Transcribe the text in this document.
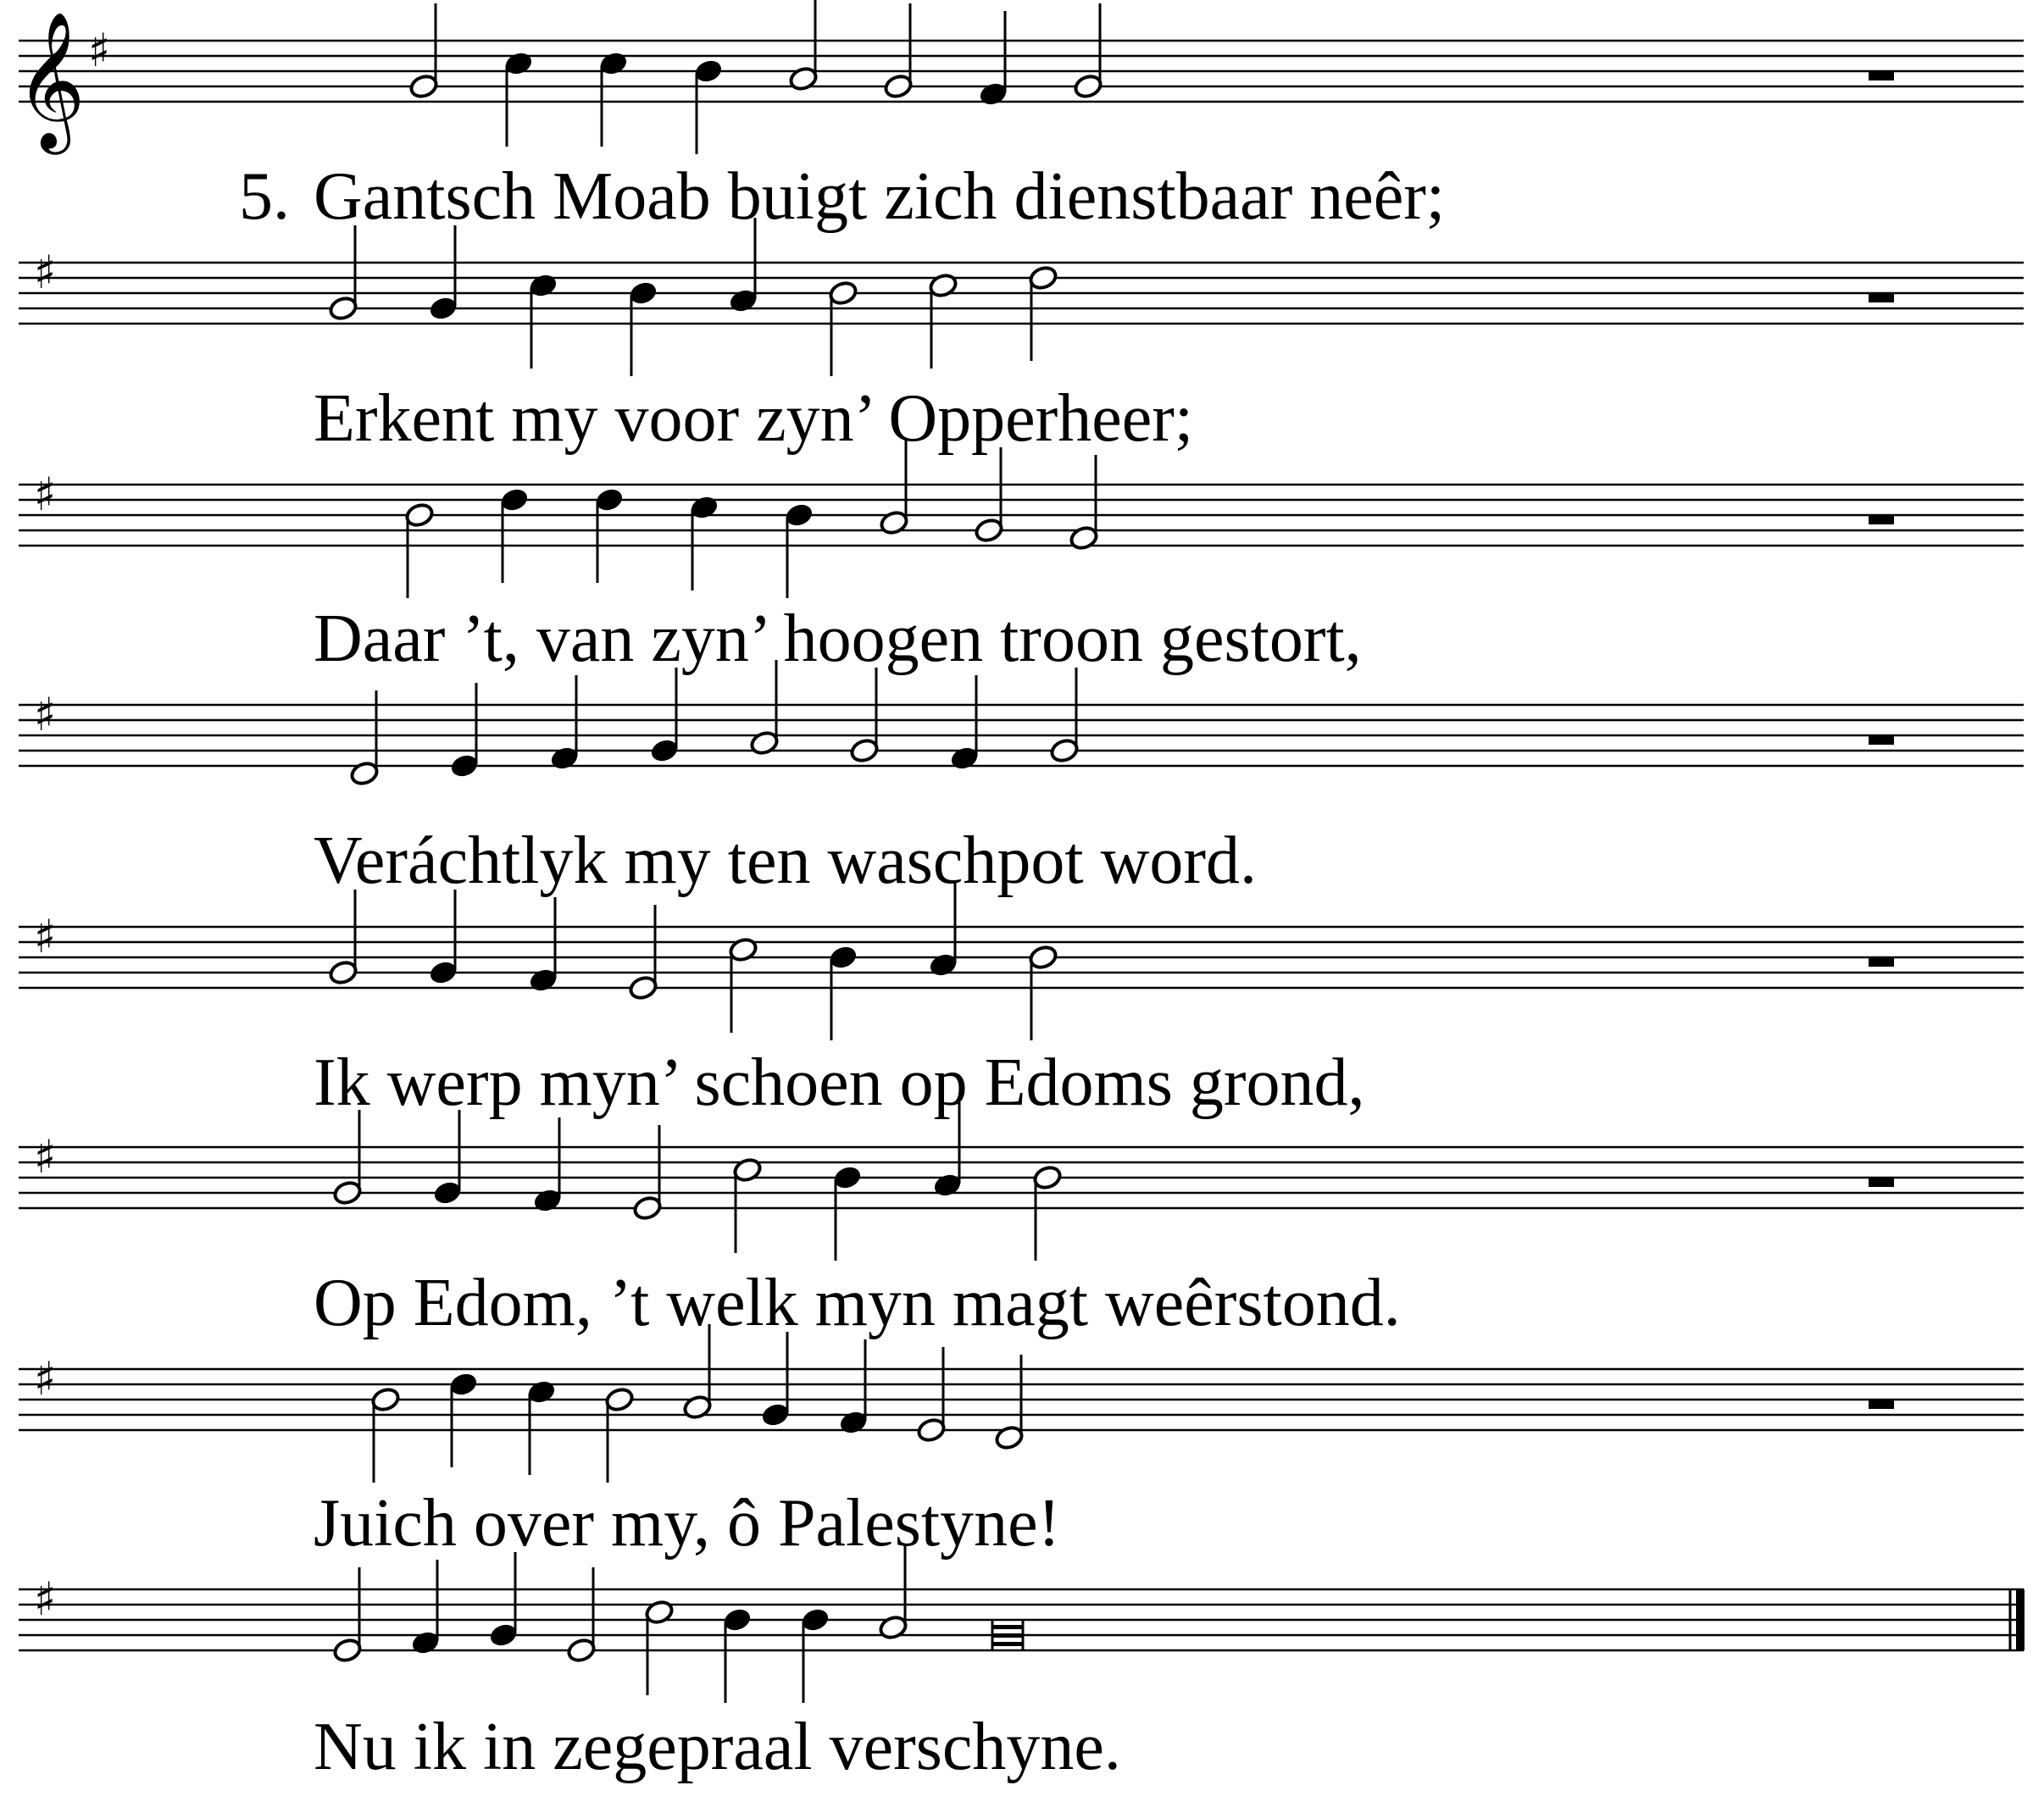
𝄞 ♯
5. Gantsch Moab buigt zich dienstbaar neêr;
♯
Erkent my voor zyn’ Opperheer;
♯
Daar ’t, van zyn’ hoogen troon gestort,
♯
Veráchtlyk my ten waschpot word.
♯
Ik werp myn’ schoen op Edoms grond,
♯
Op Edom, ’t welk myn magt weêrstond.
♯
Juich over my, ô Palestyne!
♯
Nu ik in zegepraal verschyne.
